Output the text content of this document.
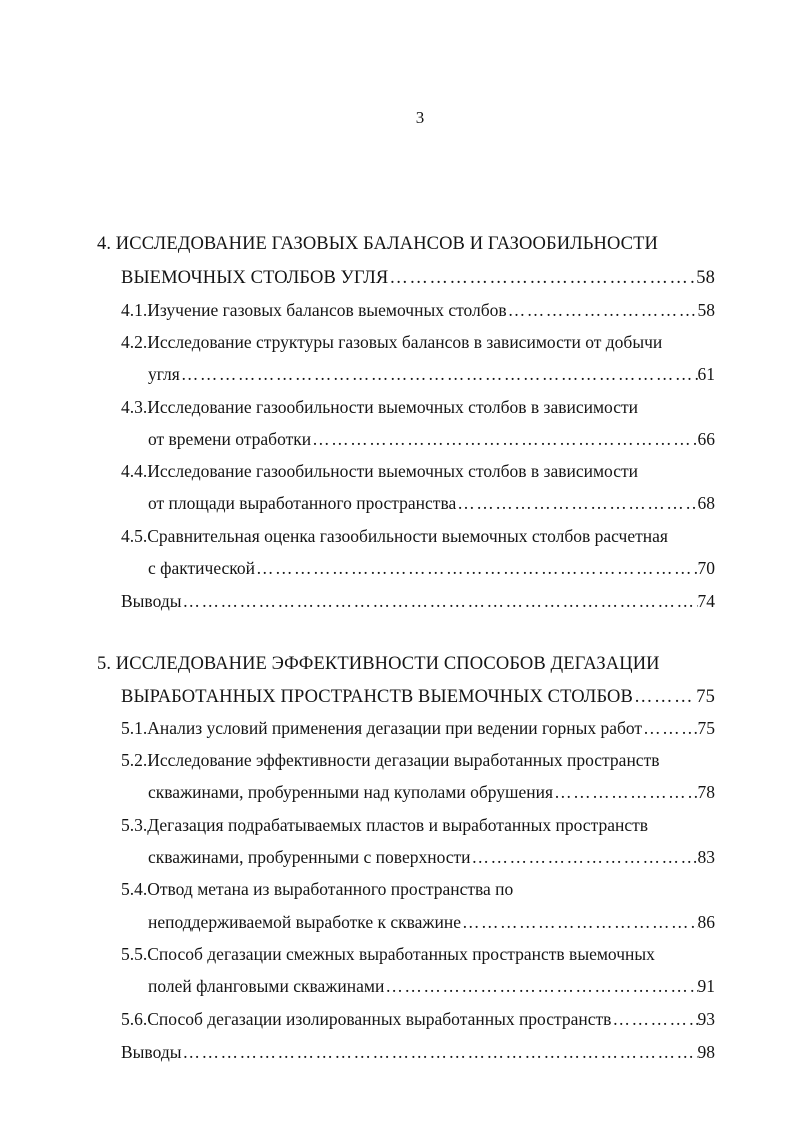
3
4. ИССЛЕДОВАНИЕ ГАЗОВЫХ БАЛАНСОВ И ГАЗООБИЛЬНОСТИ
ВЫЕМОЧНЫХ СТОЛБОВ УГЛЯ ……………………………………………………………………………………………………………………………………………………………………………………	58
4.1.Изучение газовых балансов выемочных столбов ……………………………………………………………………………………………………………………………………………………………………………………	58
4.2.Исследование структуры газовых балансов в зависимости от добычи
угля ……………………………………………………………………………………………………………………………………………………………………………………	61
4.3.Исследование газообильности выемочных столбов в зависимости
от времени отработки ……………………………………………………………………………………………………………………………………………………………………………………	66
4.4.Исследование газообильности выемочных столбов в зависимости
от площади выработанного пространства ……………………………………………………………………………………………………………………………………………………………………………………	68
4.5.Сравнительная оценка газообильности выемочных столбов расчетная
с фактической ……………………………………………………………………………………………………………………………………………………………………………………	70
Выводы ……………………………………………………………………………………………………………………………………………………………………………………	74
5. ИССЛЕДОВАНИЕ ЭФФЕКТИВНОСТИ СПОСОБОВ ДЕГАЗАЦИИ
ВЫРАБОТАННЫХ ПРОСТРАНСТВ ВЫЕМОЧНЫХ СТОЛБОВ ……………………………………………………………………………………………………………………………………………………………………………………	75
5.1.Анализ условий применения дегазации при ведении горных работ ……………………………………………………………………………………………………………………………………………………………………………………	75
5.2.Исследование эффективности дегазации выработанных пространств
скважинами, пробуренными над куполами обрушения ……………………………………………………………………………………………………………………………………………………………………………………	78
5.3.Дегазация подрабатываемых пластов и выработанных пространств
скважинами, пробуренными с поверхности ……………………………………………………………………………………………………………………………………………………………………………………	83
5.4.Отвод метана из выработанного пространства по
неподдерживаемой выработке к скважине ……………………………………………………………………………………………………………………………………………………………………………………	86
5.5.Способ дегазации смежных выработанных пространств выемочных
полей фланговыми скважинами ……………………………………………………………………………………………………………………………………………………………………………………	91
5.6.Способ дегазации изолированных выработанных пространств ……………………………………………………………………………………………………………………………………………………………………………………	93
Выводы ……………………………………………………………………………………………………………………………………………………………………………………	98
